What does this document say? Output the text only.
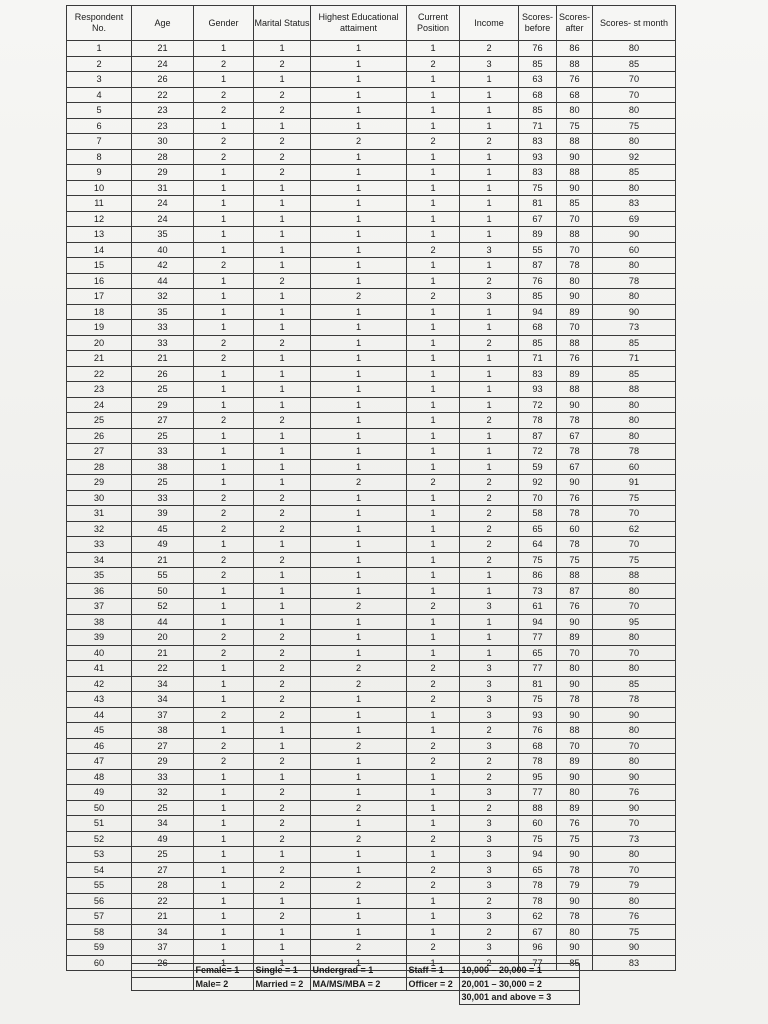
Respondent No.	Age	Gender	Marital Status	Highest Educational attaiment	Current Position	Income	Scores-before	Scores-after	Scores- st month
1	21	1	1	1	1	2	76	86	80
2	24	2	2	1	2	3	85	88	85
3	26	1	1	1	1	1	63	76	70
4	22	2	2	1	1	1	68	68	70
5	23	2	2	1	1	1	85	80	80
6	23	1	1	1	1	1	71	75	75
7	30	2	2	2	2	2	83	88	80
8	28	2	2	1	1	1	93	90	92
9	29	1	2	1	1	1	83	88	85
10	31	1	1	1	1	1	75	90	80
11	24	1	1	1	1	1	81	85	83
12	24	1	1	1	1	1	67	70	69
13	35	1	1	1	1	1	89	88	90
14	40	1	1	1	2	3	55	70	60
15	42	2	1	1	1	1	87	78	80
16	44	1	2	1	1	2	76	80	78
17	32	1	1	2	2	3	85	90	80
18	35	1	1	1	1	1	94	89	90
19	33	1	1	1	1	1	68	70	73
20	33	2	2	1	1	2	85	88	85
21	21	2	1	1	1	1	71	76	71
22	26	1	1	1	1	1	83	89	85
23	25	1	1	1	1	1	93	88	88
24	29	1	1	1	1	1	72	90	80
25	27	2	2	1	1	2	78	78	80
26	25	1	1	1	1	1	87	67	80
27	33	1	1	1	1	1	72	78	78
28	38	1	1	1	1	1	59	67	60
29	25	1	1	2	2	2	92	90	91
30	33	2	2	1	1	2	70	76	75
31	39	2	2	1	1	2	58	78	70
32	45	2	2	1	1	2	65	60	62
33	49	1	1	1	1	2	64	78	70
34	21	2	2	1	1	2	75	75	75
35	55	2	1	1	1	1	86	88	88
36	50	1	1	1	1	1	73	87	80
37	52	1	1	2	2	3	61	76	70
38	44	1	1	1	1	1	94	90	95
39	20	2	2	1	1	1	77	89	80
40	21	2	2	1	1	1	65	70	70
41	22	1	2	2	2	3	77	80	80
42	34	1	2	2	2	3	81	90	85
43	34	1	2	1	2	3	75	78	78
44	37	2	2	1	1	3	93	90	90
45	38	1	1	1	1	2	76	88	80
46	27	2	1	2	2	3	68	70	70
47	29	2	2	1	2	2	78	89	80
48	33	1	1	1	1	2	95	90	90
49	32	1	2	1	1	3	77	80	76
50	25	1	2	2	1	2	88	89	90
51	34	1	2	1	1	3	60	76	70
52	49	1	2	2	2	3	75	75	73
53	25	1	1	1	1	3	94	90	80
54	27	1	2	1	2	3	65	78	70
55	28	1	2	2	2	3	78	79	79
56	22	1	1	1	1	2	78	90	80
57	21	1	2	1	1	3	62	78	76
58	34	1	1	1	1	2	67	80	75
59	37	1	1	2	2	3	96	90	90
60	26	1	1	1	1	2	77	85	83
		Female= 1	Single = 1	Undergrad = 1	Staff = 1	10,000 – 20,000 = 1
		Male= 2	Married = 2	MA/MS/MBA = 2	Officer = 2	20,001 – 30,000 = 2
						30,001 and above = 3
